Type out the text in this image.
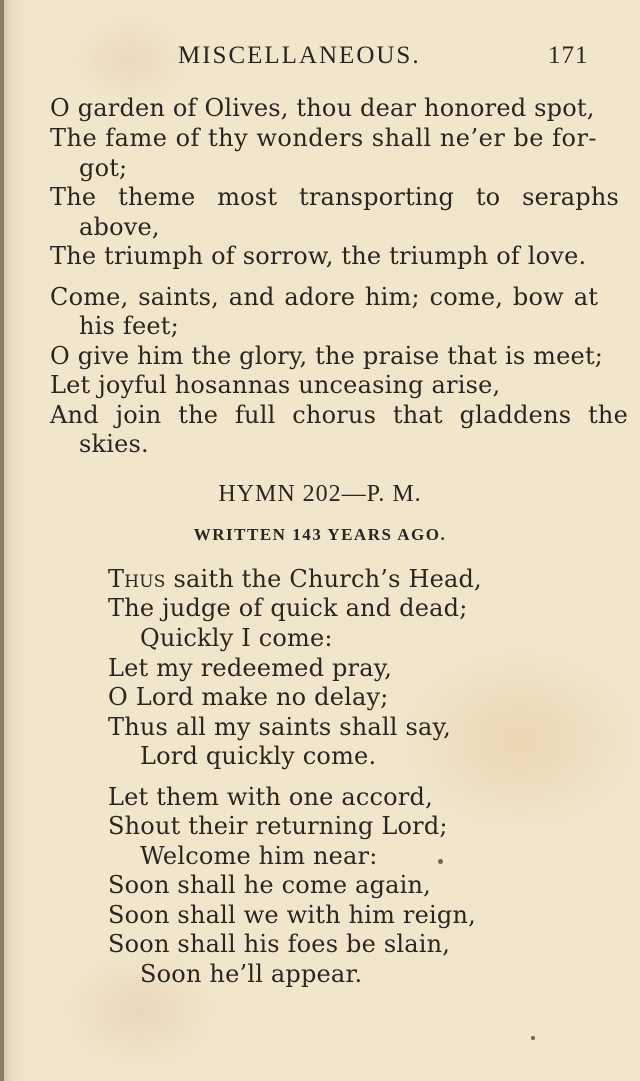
MISCELLANEOUS.	171
O garden of Olives, thou dear honored spot,
The fame of thy wonders shall ne’er be for-
got;
The theme most transporting to seraphs
above,
The triumph of sorrow, the triumph of love.
Come, saints, and adore him; come, bow at
his feet;
O give him the glory, the praise that is meet;
Let joyful hosannas unceasing arise,
And join the full chorus that gladdens the
skies.
HYMN 202—P. M.
WRITTEN 143 YEARS AGO.
Thus saith the Church’s Head,
The judge of quick and dead;
Quickly I come:
Let my redeemed pray,
O Lord make no delay;
Thus all my saints shall say,
Lord quickly come.
Let them with one accord,
Shout their returning Lord;
Welcome him near:
Soon shall he come again,
Soon shall we with him reign,
Soon shall his foes be slain,
Soon he’ll appear.
